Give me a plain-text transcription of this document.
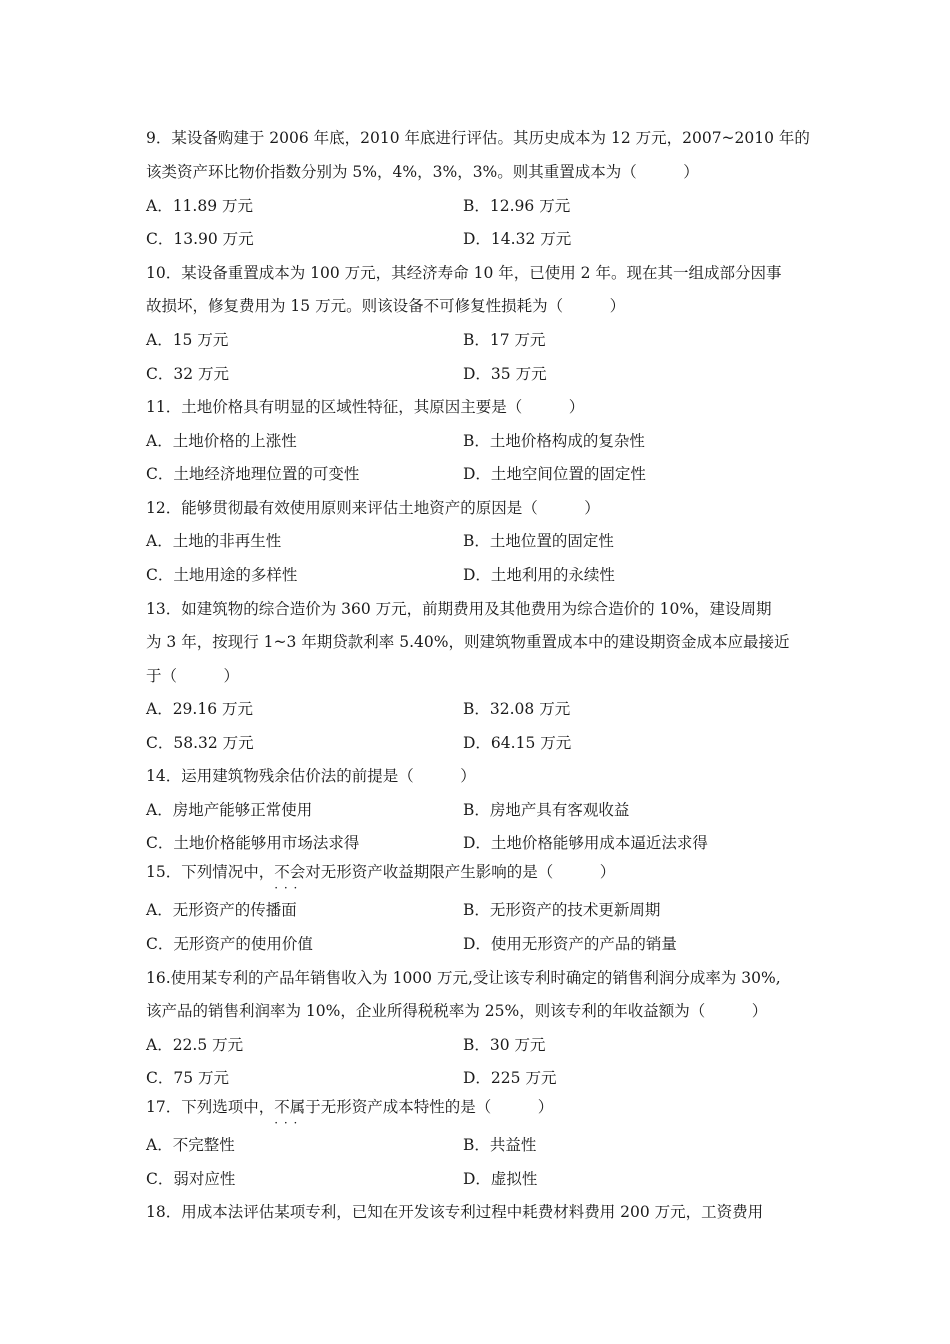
9．某设备购建于 2006 年底，2010 年底进行评估。其历史成本为 12 万元，2007~2010 年的
该类资产环比物价指数分别为 5%，4%，3%，3%。则其重置成本为（　　　）
A．11.89 万元	B．12.96 万元
C．13.90 万元	D．14.32 万元
10．某设备重置成本为 100 万元，其经济寿命 10 年，已使用 2 年。现在其一组成部分因事
故损坏，修复费用为 15 万元。则该设备不可修复性损耗为（　　　）
A．15 万元	B．17 万元
C．32 万元	D．35 万元
11．土地价格具有明显的区域性特征，其原因主要是（　　　）
A．土地价格的上涨性	B．土地价格构成的复杂性
C．土地经济地理位置的可变性	D．土地空间位置的固定性
12．能够贯彻最有效使用原则来评估土地资产的原因是（　　　）
A．土地的非再生性	B．土地位置的固定性
C．土地用途的多样性	D．土地利用的永续性
13．如建筑物的综合造价为 360 万元，前期费用及其他费用为综合造价的 10%，建设周期
为 3 年，按现行 1~3 年期贷款利率 5.40%，则建筑物重置成本中的建设期资金成本应最接近
于（　　　）
A．29.16 万元	B．32.08 万元
C．58.32 万元	D．64.15 万元
14．运用建筑物残余估价法的前提是（　　　）
A．房地产能够正常使用	B．房地产具有客观收益
C．土地价格能够用市场法求得	D．土地价格能够用成本逼近法求得
15．下列情况中，不会 · · ·对无形资产收益期限产生影响的是（　　　）
A．无形资产的传播面	B．无形资产的技术更新周期
C．无形资产的使用价值	D．使用无形资产的产品的销量
16.使用某专利的产品年销售收入为 1000 万元,受让该专利时确定的销售利润分成率为 30%,
该产品的销售利润率为 10%，企业所得税税率为 25%，则该专利的年收益额为（　　　）
A．22.5 万元	B．30 万元
C．75 万元	D．225 万元
17．下列选项中，不属于 · · ·无形资产成本特性的是（　　　）
A．不完整性	B．共益性
C．弱对应性	D．虚拟性
18．用成本法评估某项专利，已知在开发该专利过程中耗费材料费用 200 万元，工资费用
